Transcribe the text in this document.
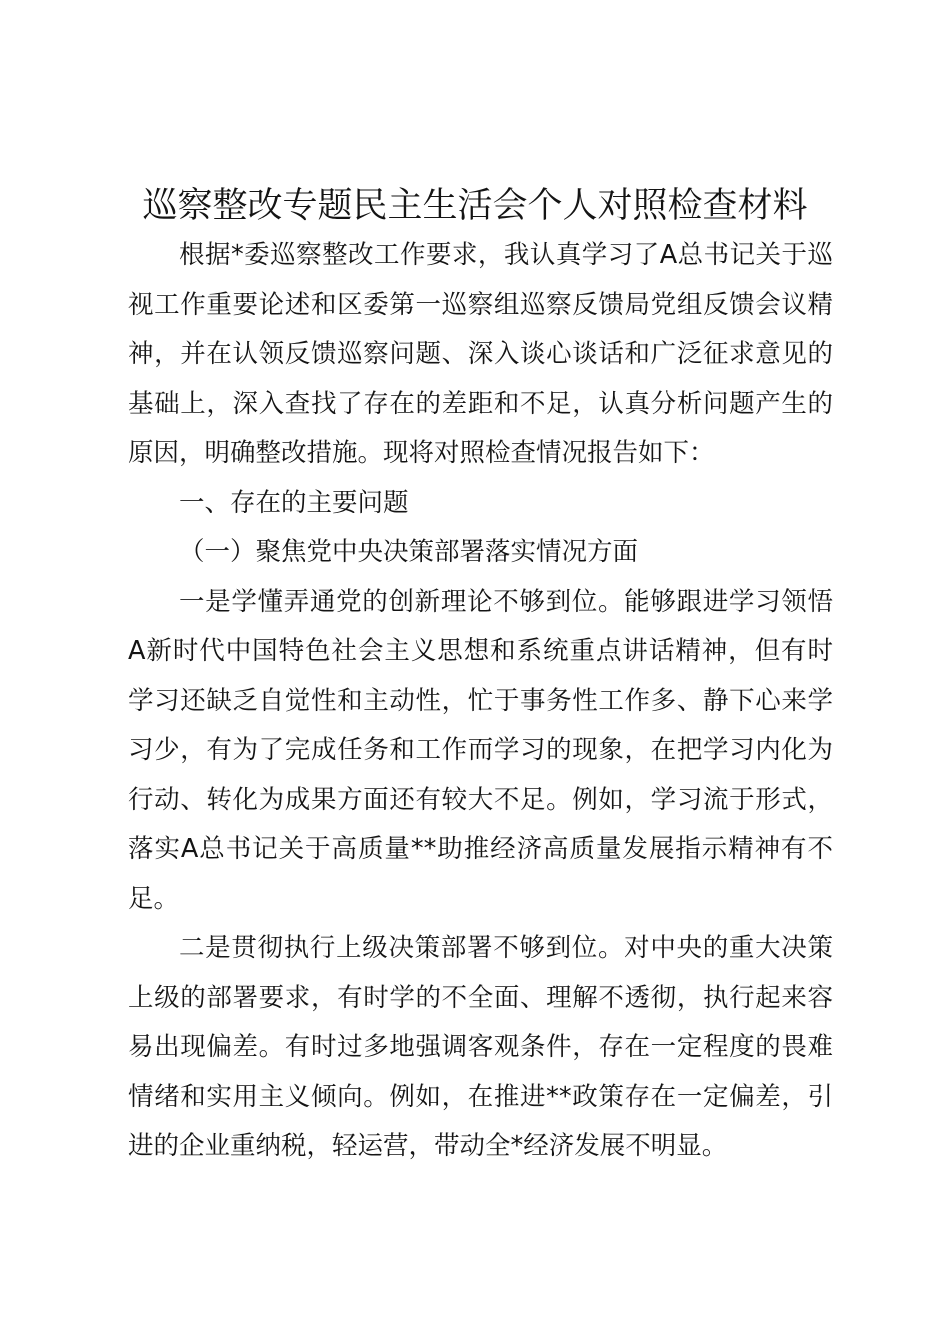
巡察整改专题民主生活会个人对照检查材料

根据*委巡察整改工作要求，我认真学习了A总书记关于巡视工作重要论述和区委第一巡察组巡察反馈局党组反馈会议精神，并在认领反馈巡察问题、深入谈心谈话和广泛征求意见的基础上，深入查找了存在的差距和不足，认真分析问题产生的原因，明确整改措施。现将对照检查情况报告如下：

一、存在的主要问题

（一）聚焦党中央决策部署落实情况方面

一是学懂弄通党的创新理论不够到位。能够跟进学习领悟A新时代中国特色社会主义思想和系统重点讲话精神，但有时学习还缺乏自觉性和主动性，忙于事务性工作多、静下心来学习少，有为了完成任务和工作而学习的现象，在把学习内化为行动、转化为成果方面还有较大不足。例如，学习流于形式，落实A总书记关于高质量**助推经济高质量发展指示精神有不足。

二是贯彻执行上级决策部署不够到位。对中央的重大决策上级的部署要求，有时学的不全面、理解不透彻，执行起来容易出现偏差。有时过多地强调客观条件，存在一定程度的畏难情绪和实用主义倾向。例如，在推进**政策存在一定偏差，引进的企业重纳税，轻运营，带动全*经济发展不明显。
